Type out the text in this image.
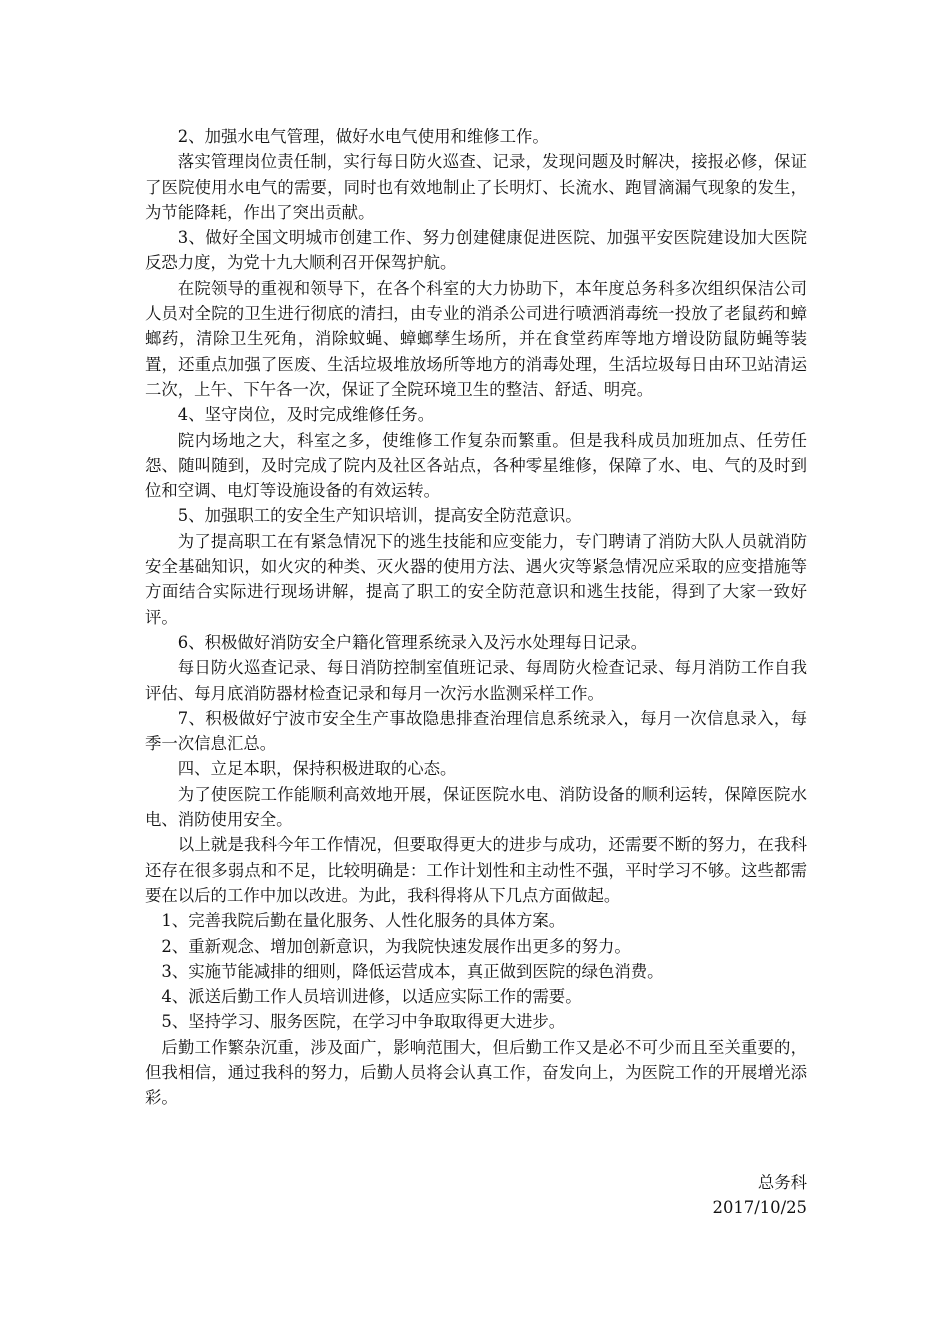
2、加强水电气管理，做好水电气使用和维修工作。

落实管理岗位责任制，实行每日防火巡查、记录，发现问题及时解决，接报必修，保证了医院使用水电气的需要，同时也有效地制止了长明灯、长流水、跑冒滴漏气现象的发生，为节能降耗，作出了突出贡献。

3、做好全国文明城市创建工作、努力创建健康促进医院、加强平安医院建设加大医院反恐力度，为党十九大顺利召开保驾护航。

在院领导的重视和领导下，在各个科室的大力协助下，本年度总务科多次组织保洁公司人员对全院的卫生进行彻底的清扫，由专业的消杀公司进行喷洒消毒统一投放了老鼠药和蟑螂药，清除卫生死角，消除蚊蝇、蟑螂孳生场所，并在食堂药库等地方增设防鼠防蝇等装置，还重点加强了医废、生活垃圾堆放场所等地方的消毒处理，生活垃圾每日由环卫站清运二次，上午、下午各一次，保证了全院环境卫生的整洁、舒适、明亮。

4、坚守岗位，及时完成维修任务。

院内场地之大，科室之多，使维修工作复杂而繁重。但是我科成员加班加点、任劳任怨、随叫随到，及时完成了院内及社区各站点，各种零星维修，保障了水、电、气的及时到位和空调、电灯等设施设备的有效运转。

5、加强职工的安全生产知识培训，提高安全防范意识。

为了提高职工在有紧急情况下的逃生技能和应变能力，专门聘请了消防大队人员就消防安全基础知识，如火灾的种类、灭火器的使用方法、遇火灾等紧急情况应采取的应变措施等方面结合实际进行现场讲解，提高了职工的安全防范意识和逃生技能，得到了大家一致好评。

6、积极做好消防安全户籍化管理系统录入及污水处理每日记录。

每日防火巡查记录、每日消防控制室值班记录、每周防火检查记录、每月消防工作自我评估、每月底消防器材检查记录和每月一次污水监测采样工作。

7、积极做好宁波市安全生产事故隐患排查治理信息系统录入，每月一次信息录入，每季一次信息汇总。

四、立足本职，保持积极进取的心态。

为了使医院工作能顺利高效地开展，保证医院水电、消防设备的顺利运转，保障医院水电、消防使用安全。

以上就是我科今年工作情况，但要取得更大的进步与成功，还需要不断的努力，在我科还存在很多弱点和不足，比较明确是：工作计划性和主动性不强，平时学习不够。这些都需要在以后的工作中加以改进。为此，我科得将从下几点方面做起。

1、完善我院后勤在量化服务、人性化服务的具体方案。

2、重新观念、增加创新意识，为我院快速发展作出更多的努力。

3、实施节能减排的细则，降低运营成本，真正做到医院的绿色消费。

4、派送后勤工作人员培训进修，以适应实际工作的需要。

5、坚持学习、服务医院，在学习中争取取得更大进步。

后勤工作繁杂沉重，涉及面广，影响范围大，但后勤工作又是必不可少而且至关重要的，但我相信，通过我科的努力，后勤人员将会认真工作，奋发向上，为医院工作的开展增光添彩。

总务科

2017/10/25
